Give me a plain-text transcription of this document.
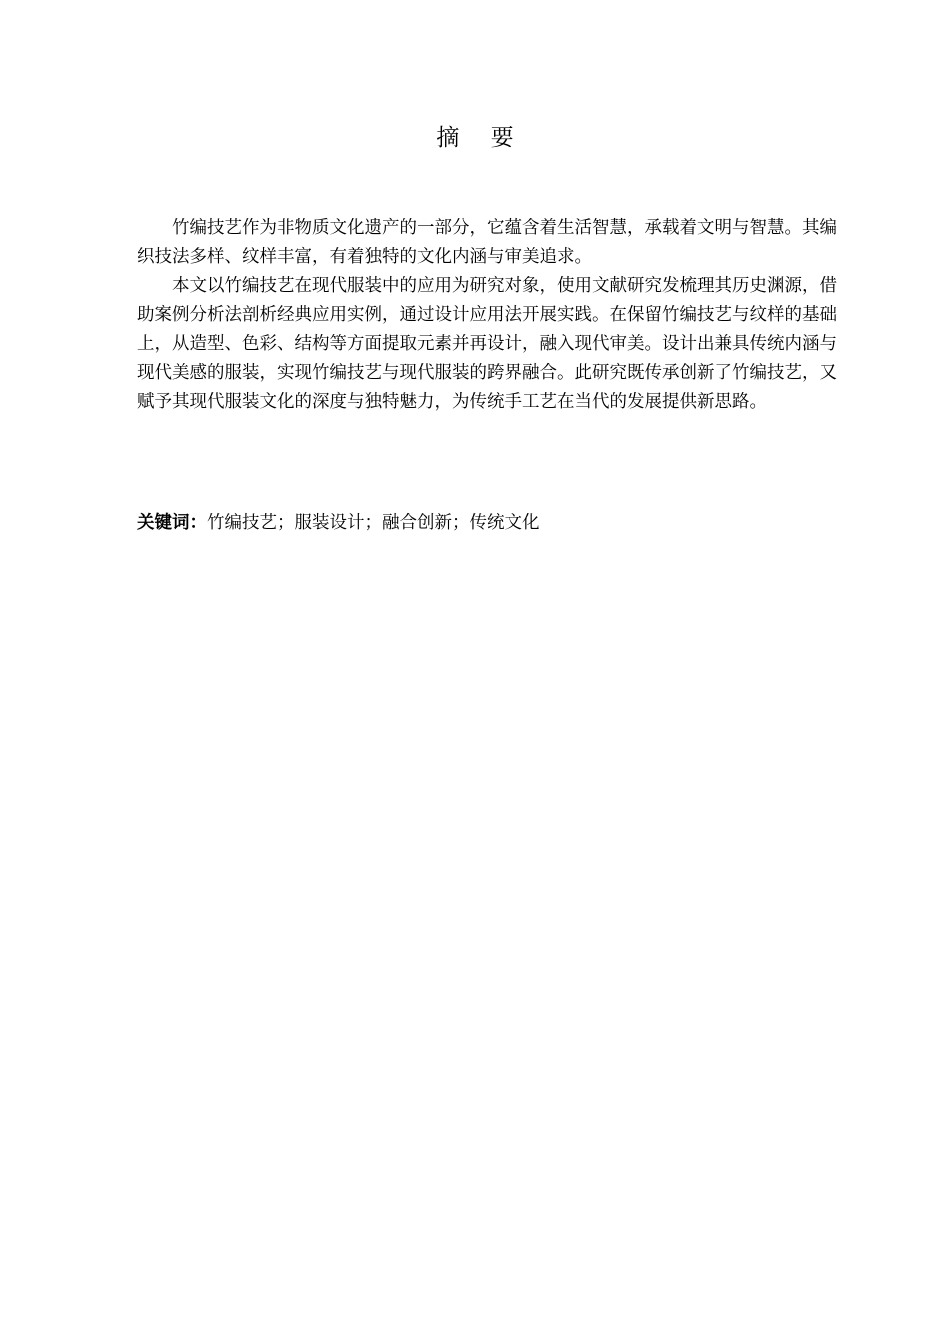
摘 要

竹编技艺作为非物质文化遗产的一部分，它蕴含着生活智慧，承载着文明与智慧。其编织技法多样、纹样丰富，有着独特的文化内涵与审美追求。

本文以竹编技艺在现代服装中的应用为研究对象，使用文献研究发梳理其历史渊源，借助案例分析法剖析经典应用实例，通过设计应用法开展实践。在保留竹编技艺与纹样的基础上，从造型、色彩、结构等方面提取元素并再设计，融入现代审美。设计出兼具传统内涵与现代美感的服装，实现竹编技艺与现代服装的跨界融合。此研究既传承创新了竹编技艺，又赋予其现代服装文化的深度与独特魅力，为传统手工艺在当代的发展提供新思路。

关键词：竹编技艺；服装设计；融合创新；传统文化
